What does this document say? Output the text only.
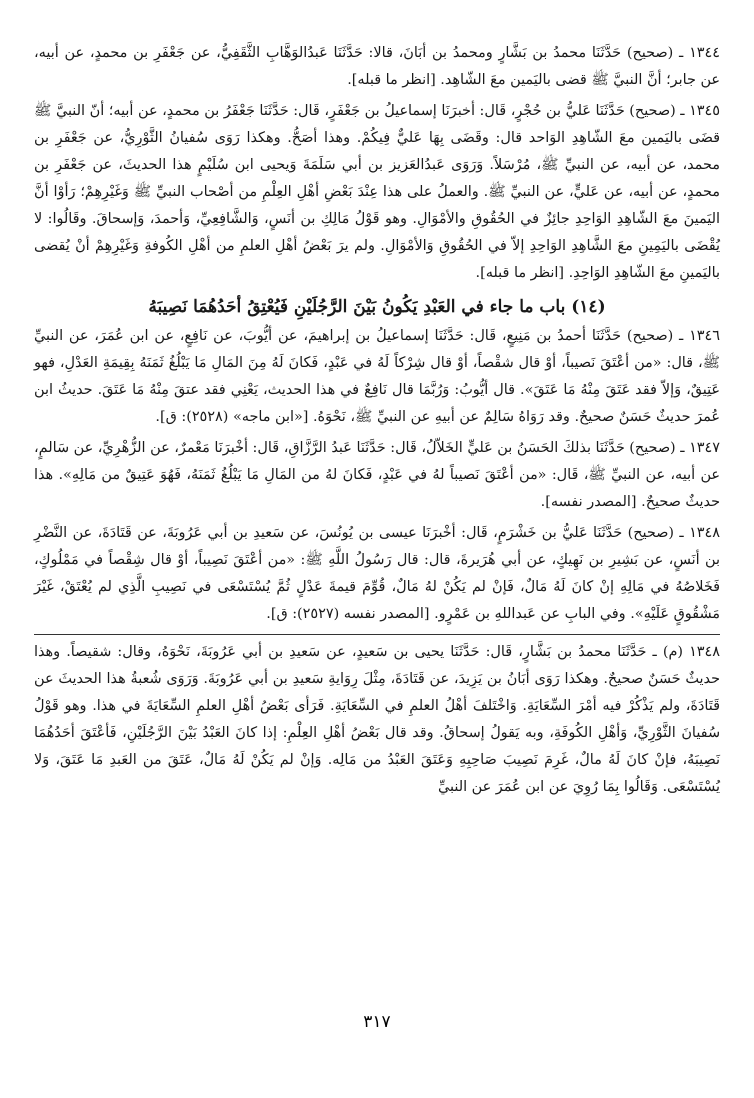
١٣٤٤ ـ (صحيح) حَدَّثَنَا محمدُ بن بَشَّارٍ ومحمدُ بن أبَانَ، قالا: حَدَّثَنَا عَبدُالوَهَّابِ الثَّقَفِيُّ، عن جَعْفَرِ بن محمدٍ، عن أبيه، عن جابر؛ أنَّ النبيَّ ﷺ قضى باليَمين معَ الشّاهِد. [انظر ما قبله].

١٣٤٥ ـ (صحيح) حَدَّثَنَا عَليُّ بن حُجْرٍ، قَال: أخبرَنَا إسماعيلُ بن جَعْفَرٍ، قَال: حَدَّثَنَا جَعْفَرُ بن محمدٍ، عن أبيه؛ أنّ النبيَّ ﷺ قضَى باليَمين معَ الشّاهِدِ الوَاحد قال: وقَضَى بِهَا عَليٌّ فِيكُمْ. وهذا أصَحُّ. وهكذا رَوَى سُفيانُ الثَّوْرِيُّ، عن جَعْفَرِ بن محمد، عن أبيه، عن النبيِّ ﷺ، مُرْسَلاً. وَرَوَى عَبدُالعَزيز بن أبي سَلَمَةَ وَيحيى ابن سُلَيْمٍ هذا الحديثَ، عن جَعْفَرِ بن محمدٍ، عن أبيه، عن عَليٍّ، عن النبيِّ ﷺ. والعملُ على هذا عِنْدَ بَعْضِ أهْلِ العِلْمِ من أصْحاب النبيِّ ﷺ وَغَيْرِهِمْ؛ رَأوْا أنَّ اليَمينَ معَ الشّاهِدِ الوَاحِدِ جائِزٌ في الحُقُوقِ والأمْوَالِ. وهو قَوْلُ مَالِكِ بن أنَسٍ، وَالشَّافِعِيِّ، وَأحمدَ، وَإسحاقَ. وقَالُوا: لا يُقْضَى باليَمِينِ معَ الشَّاهِدِ الوَاحِدِ إلاّ في الحُقُوقِ وَالأمْوَالِ. ولم يرَ بَعْضُ أهْلِ العلمِ من أهْلِ الكُوفةِ وَغَيْرِهِمْ أنْ يُقضى باليَمينِ معَ الشّاهِدِ الوَاحِدِ. [انظر ما قبله].

(١٤) باب ما جاء في العَبْدِ يَكُونُ بَيْنَ الرَّجُلَيْنِ فَيُعْتِقُ أحَدُهُمَا نَصِيبَهُ

١٣٤٦ ـ (صحيح) حَدَّثَنَا أحمدُ بن مَنِيعٍ، قَال: حَدَّثَنَا إسماعيلُ بن إبراهيمَ، عن أيُّوبَ، عن نَافِعٍ، عن ابن عُمَرَ، عن النبيِّ ﷺ، قال: «من أعْتَقَ نَصيباً، أوْ قال شقْصاً، أوْ قال شِرْكاً لَهُ في عَبْدٍ، فَكانَ لَهُ مِنَ المَالِ مَا يَبْلُغُ ثَمَنَهُ بِقِيمَةِ العَدْلِ، فهو عَتِيقٌ، وَإلاّ فقد عَتَقَ مِنْهُ مَا عَتَقَ». قال أيُّوبُ: وَرُبَّمَا قال نَافِعٌ في هذا الحديث، يَعْنِي فقد عتقَ مِنْهُ مَا عَتَقَ. حديثُ ابن عُمرَ حديثٌ حَسَنٌ صحيحٌ. وقد رَوَاهُ سَالِمٌ عن أبيهِ عن النبيِّ ﷺ، نَحْوَهُ. [«ابن ماجه» (٢٥٢٨): ق].

١٣٤٧ ـ (صحيح) حَدَّثَنَا بذلكَ الحَسَنُ بن عَليٍّ الخَلاّلُ، قَال: حَدَّثَنَا عَبدُ الرَّزَّاقِ، قَال: أخْبرَنَا مَعْمرٌ، عن الزُّهْرِيِّ، عن سَالمٍ، عن أبيه، عن النبيِّ ﷺ، قَال: «من أعْتَقَ نَصيباً لهُ في عَبْدٍ، فَكانَ لهُ من المَالِ مَا يَبْلُغُ ثَمَنَهُ، فَهُوَ عَتِيقٌ من مَالِهِ». هذا حديثٌ صحيحٌ. [المصدر نفسه].

١٣٤٨ ـ (صحيح) حَدَّثَنَا عَليُّ بن خَشْرَمٍ، قَال: أخْبرَنَا عيسى بن يُونُسَ، عن سَعيدِ بن أبي عَرُوبَةَ، عن قَتَادَةَ، عن النَّضْرِ بن أنَسٍ، عن بَشِيرِ بن نَهِيكٍ، عن أبي هُرَيرةَ، قال: قال رَسُولُ اللَّهِ ﷺ: «من أعْتَقَ نَصِيباً، أوْ قال شِقْصاً في مَمْلُوكٍ، فَخَلاصُهُ في مَالِهِ إنْ كانَ لَهُ مَالٌ، فَإنْ لم يَكُنْ لهُ مَالٌ، قُوِّمَ قيمةَ عَدْلٍ ثُمَّ يُسْتَسْعَى في نَصِيبِ الَّذِي لم يُعْتَقْ، غَيْرَ مَشْقُوقٍ عَلَيْهِ». وفي البابِ عن عَبداللهِ بن عَمْرٍو. [المصدر نفسه (٢٥٢٧): ق].

١٣٤٨ (م) ـ حَدَّثَنَا محمدُ بن بَشَّارٍ، قَال: حَدَّثَنَا يحيى بن سَعيدٍ، عن سَعيدِ بن أبي عَرُوبَةَ، نَحْوَهُ، وقال: شقيصاً. وهذا حديثٌ حَسَنٌ صحيحٌ. وهكذا رَوَى أبَانُ بن يَزِيدَ، عن قَتَادَةَ، مِثْلَ رِوَايةِ سَعيدِ بن أبي عَرُوبَةَ. وَرَوَى شُعبةُ هذا الحديثَ عن قَتَادَةَ، ولم يَذْكُرْ فيه أمْرَ السِّعَايَةِ. وَاخْتَلفَ أهْلُ العلمِ في السِّعَايَةِ. فَرَأى بَعْضُ أهْلِ العلمِ السِّعَايَةَ في هذا. وهو قَوْلُ سُفيانَ الثَّوْرِيِّ، وَأهْلِ الكُوفَةِ، وبه يَقولُ إسحاقُ. وقد قال بَعْضُ أهْلِ العِلْمِ: إذا كانَ العَبْدُ بَيْنَ الرَّجُلَيْنِ، فَأعْتَقَ أحَدُهُمَا نَصِيبَهُ، فإنْ كانَ لَهُ مالٌ، غَرِمَ نَصِيبَ صَاحِبِهِ وَعَتَقَ العَبْدُ من مَالِه. وَإنْ لم يَكُنْ لَهُ مَالٌ، عَتَقَ من العَبدِ مَا عَتَقَ، وَلا يُسْتَسْعَى. وَقَالُوا بِمَا رُوِيَ عن ابن عُمَرَ عن النبيِّ

٣١٧
